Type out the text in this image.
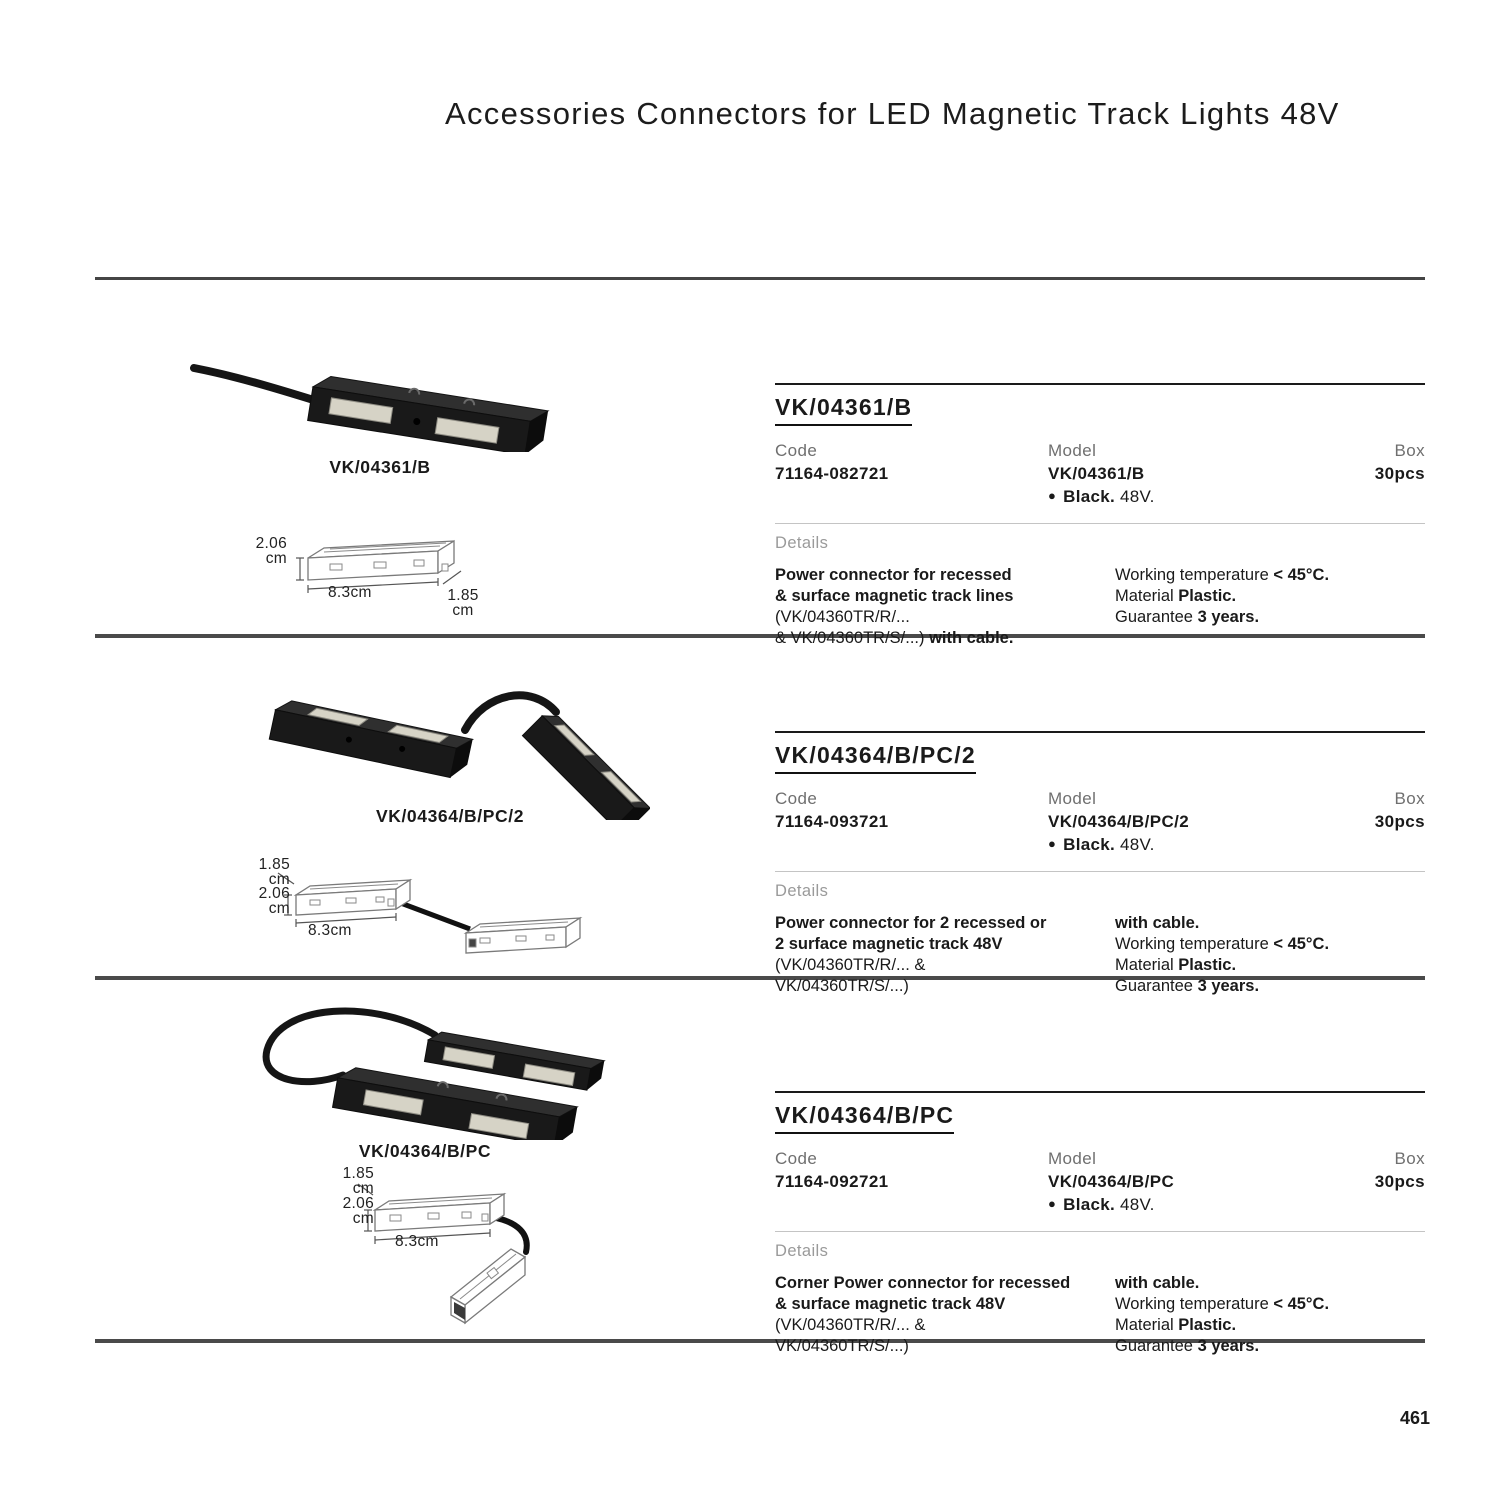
Accessories Connectors for LED Magnetic Track Lights 48V
VK/04361/B
2.06
cm
8.3cm	1.85
cm
VK/04361/B
Code
71164-082721
Model
VK/04361/B
● Black. 48V.
Box
30pcs
Details
Power connector for recessed
& surface magnetic track lines
(VK/04360TR/R/...
& VK/04360TR/S/...) with cable.
Working temperature < 45°C.
Material Plastic.
Guarantee 3 years.
VK/04364/B/PC/2
1.85
cm
2.06
cm
8.3cm
VK/04364/B/PC/2
Code
71164-093721
Model
VK/04364/B/PC/2
● Black. 48V.
Box
30pcs
Details
Power connector for 2 recessed or
2 surface magnetic track 48V
(VK/04360TR/R/... &
VK/04360TR/S/...)
with cable.
Working temperature < 45°C.
Material Plastic.
Guarantee 3 years.
VK/04364/B/PC
1.85
cm
2.06
cm
8.3cm
VK/04364/B/PC
Code
71164-092721
Model
VK/04364/B/PC
● Black. 48V.
Box
30pcs
Details
Corner Power connector for recessed
& surface magnetic track 48V
(VK/04360TR/R/... &
VK/04360TR/S/...)
with cable.
Working temperature < 45°C.
Material Plastic.
Guarantee 3 years.
461
